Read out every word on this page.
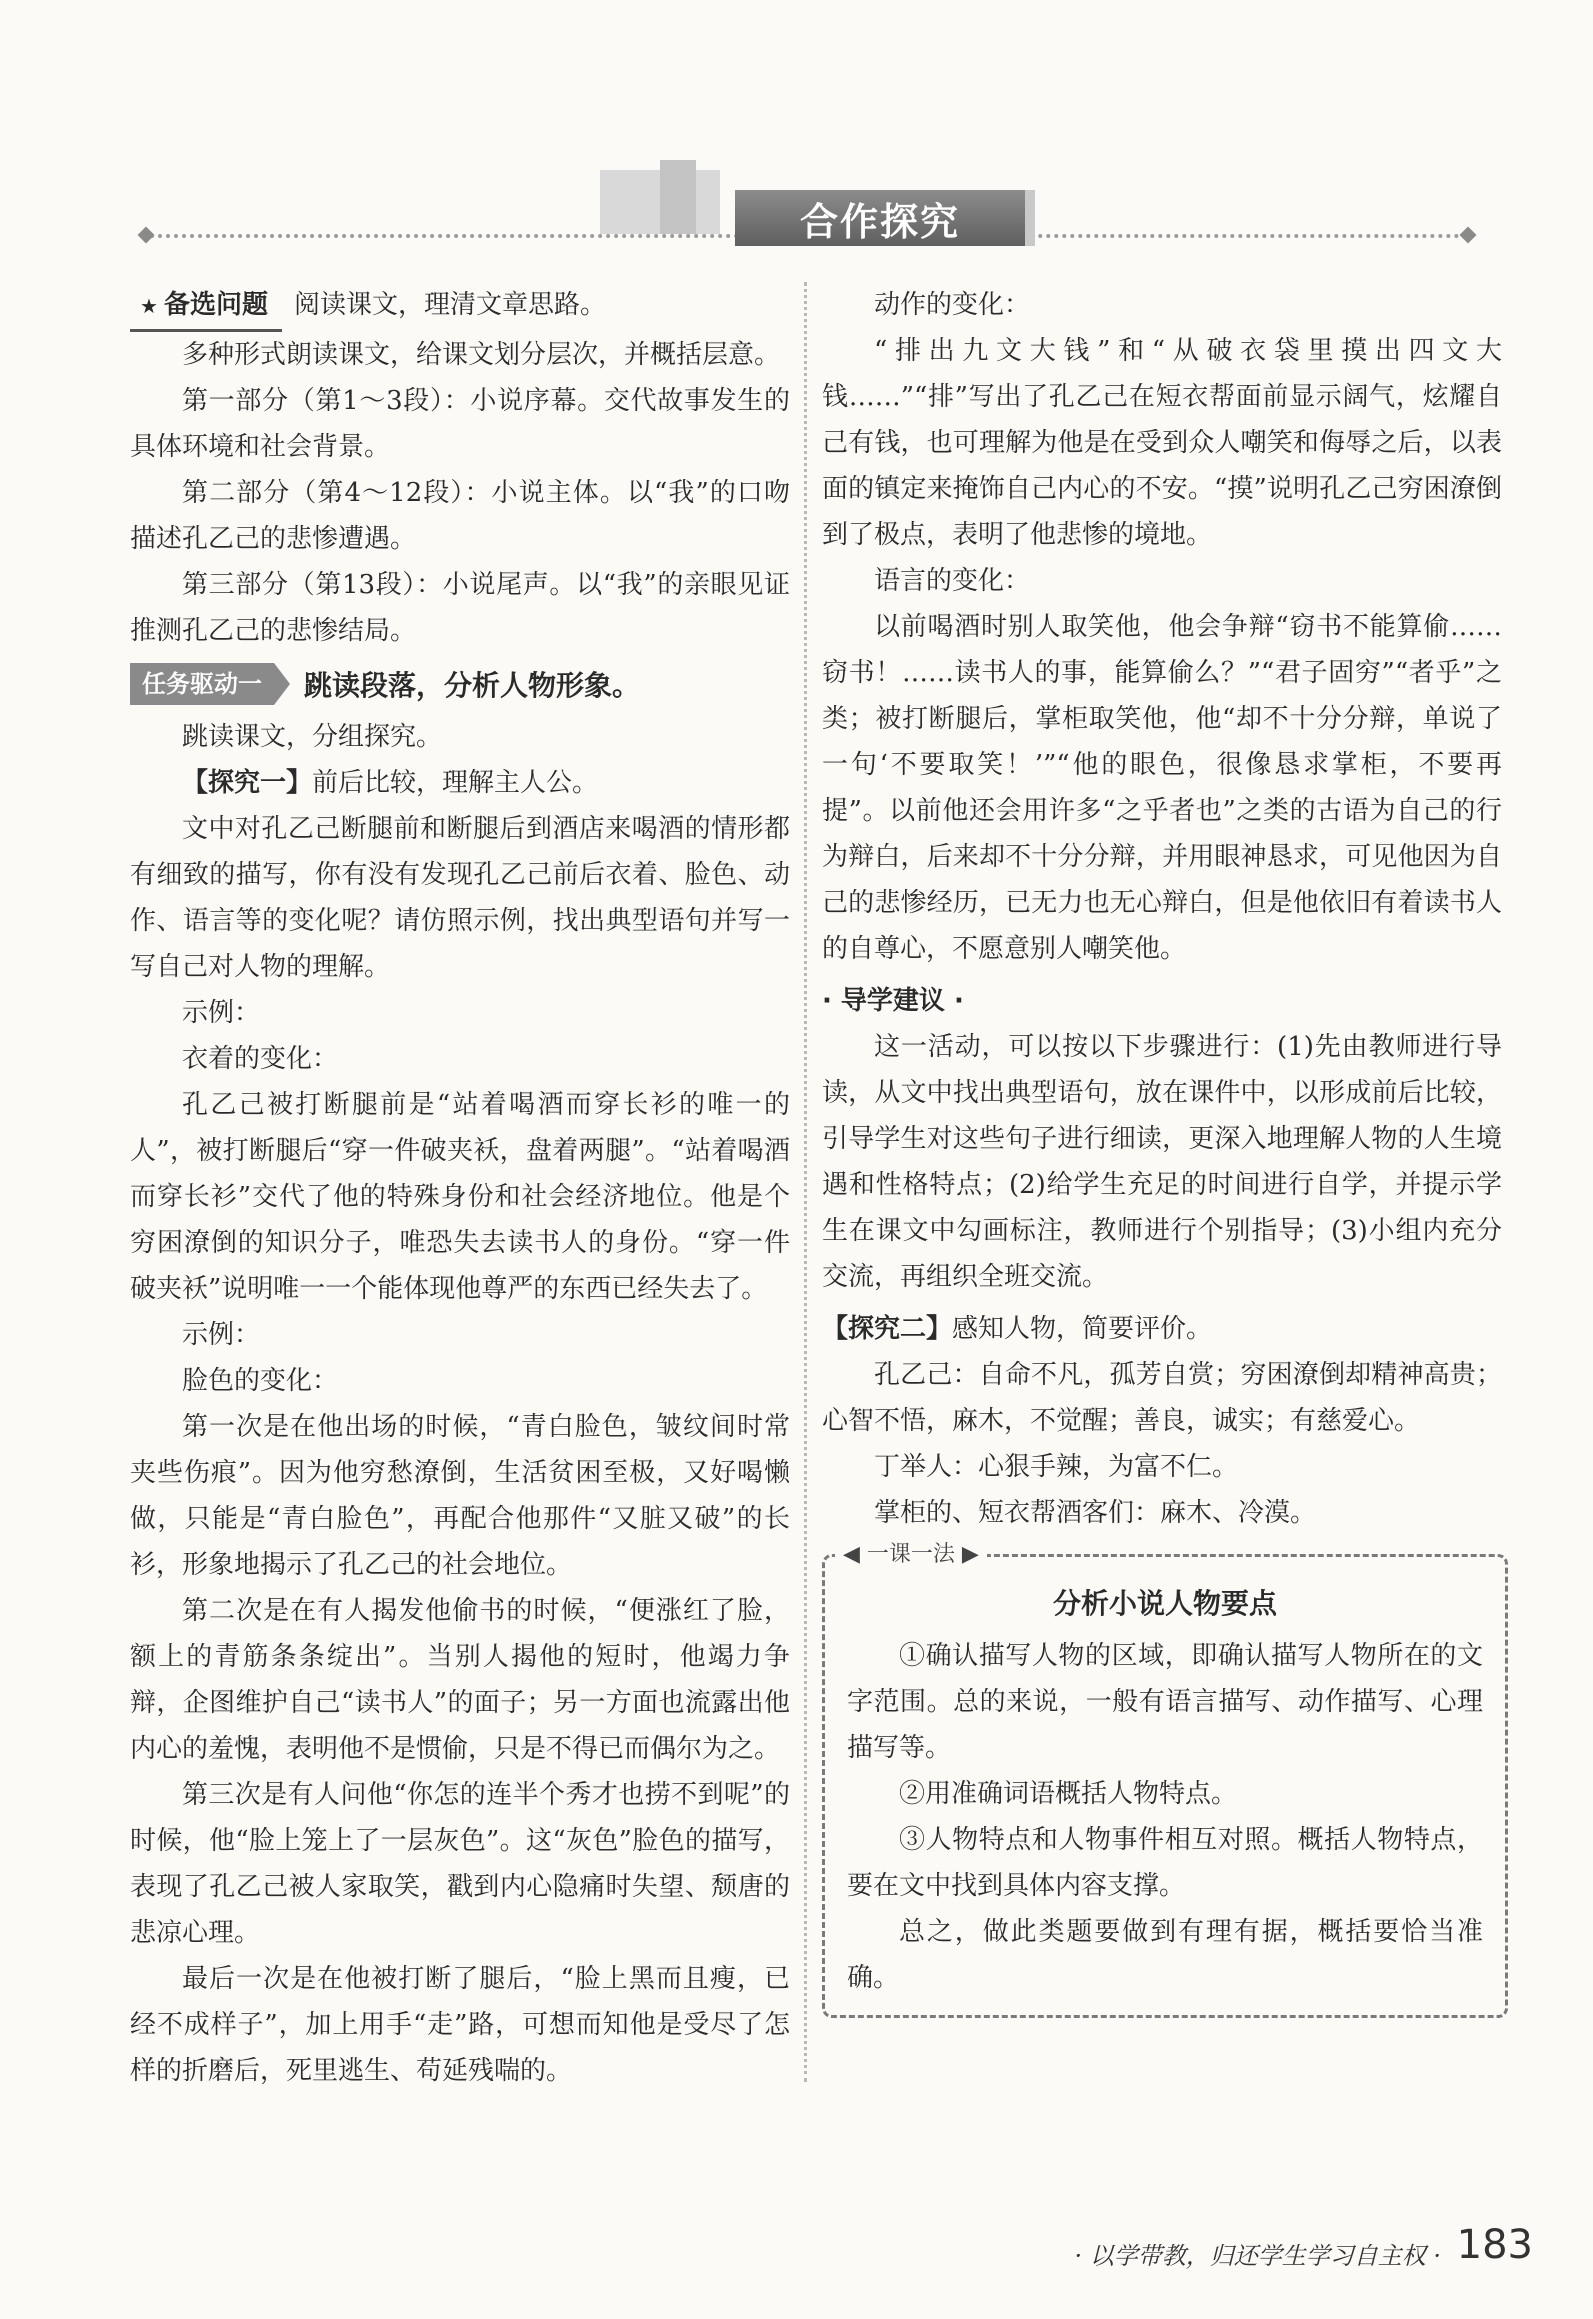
合作探究

★ 备选问题 阅读课文，理清文章思路。

多种形式朗读课文，给课文划分层次，并概括层意。

第一部分（第1～3段）：小说序幕。交代故事发生的具体环境和社会背景。

第二部分（第4～12段）：小说主体。以“我”的口吻描述孔乙己的悲惨遭遇。

第三部分（第13段）：小说尾声。以“我”的亲眼见证推测孔乙己的悲惨结局。

任务驱动一	跳读段落，分析人物形象。

跳读课文，分组探究。

【探究一】前后比较，理解主人公。

文中对孔乙己断腿前和断腿后到酒店来喝酒的情形都有细致的描写，你有没有发现孔乙己前后衣着、脸色、动作、语言等的变化呢？请仿照示例，找出典型语句并写一写自己对人物的理解。

示例：

衣着的变化：

孔乙己被打断腿前是“站着喝酒而穿长衫的唯一的人”，被打断腿后“穿一件破夹袄，盘着两腿”。“站着喝酒而穿长衫”交代了他的特殊身份和社会经济地位。他是个穷困潦倒的知识分子，唯恐失去读书人的身份。“穿一件破夹袄”说明唯一一个能体现他尊严的东西已经失去了。

示例：

脸色的变化：

第一次是在他出场的时候，“青白脸色，皱纹间时常夹些伤痕”。因为他穷愁潦倒，生活贫困至极，又好喝懒做，只能是“青白脸色”，再配合他那件“又脏又破”的长衫，形象地揭示了孔乙己的社会地位。

第二次是在有人揭发他偷书的时候，“便涨红了脸，额上的青筋条条绽出”。当别人揭他的短时，他竭力争辩，企图维护自己“读书人”的面子；另一方面也流露出他内心的羞愧，表明他不是惯偷，只是不得已而偶尔为之。

第三次是有人问他“你怎的连半个秀才也捞不到呢”的时候，他“脸上笼上了一层灰色”。这“灰色”脸色的描写，表现了孔乙己被人家取笑，戳到内心隐痛时失望、颓唐的悲凉心理。

最后一次是在他被打断了腿后，“脸上黑而且瘦，已经不成样子”，加上用手“走”路，可想而知他是受尽了怎样的折磨后，死里逃生、苟延残喘的。

动作的变化：

“排出九文大钱”和“从破衣袋里摸出四文大钱……”“排”写出了孔乙己在短衣帮面前显示阔气，炫耀自己有钱，也可理解为他是在受到众人嘲笑和侮辱之后，以表面的镇定来掩饰自己内心的不安。“摸”说明孔乙己穷困潦倒到了极点，表明了他悲惨的境地。

语言的变化：

以前喝酒时别人取笑他，他会争辩“窃书不能算偷……窃书！……读书人的事，能算偷么？”“君子固穷”“者乎”之类；被打断腿后，掌柜取笑他，他“却不十分分辩，单说了一句‘不要取笑！’”“他的眼色，很像恳求掌柜，不要再提”。以前他还会用许多“之乎者也”之类的古语为自己的行为辩白，后来却不十分分辩，并用眼神恳求，可见他因为自己的悲惨经历，已无力也无心辩白，但是他依旧有着读书人的自尊心，不愿意别人嘲笑他。

· 导学建议 ·

这一活动，可以按以下步骤进行：(1)先由教师进行导读，从文中找出典型语句，放在课件中，以形成前后比较，引导学生对这些句子进行细读，更深入地理解人物的人生境遇和性格特点；(2)给学生充足的时间进行自学，并提示学生在课文中勾画标注，教师进行个别指导；(3)小组内充分交流，再组织全班交流。

【探究二】感知人物，简要评价。

孔乙己：自命不凡，孤芳自赏；穷困潦倒却精神高贵；心智不悟，麻木，不觉醒；善良，诚实；有慈爱心。

丁举人：心狠手辣，为富不仁。

掌柜的、短衣帮酒客们：麻木、冷漠。

◀ 一课一法 ▶

分析小说人物要点

①确认描写人物的区域，即确认描写人物所在的文字范围。总的来说，一般有语言描写、动作描写、心理描写等。

②用准确词语概括人物特点。

③人物特点和人物事件相互对照。概括人物特点，要在文中找到具体内容支撑。

总之，做此类题要做到有理有据，概括要恰当准确。

· 以学带教，归还学生学习自主权 · 183
